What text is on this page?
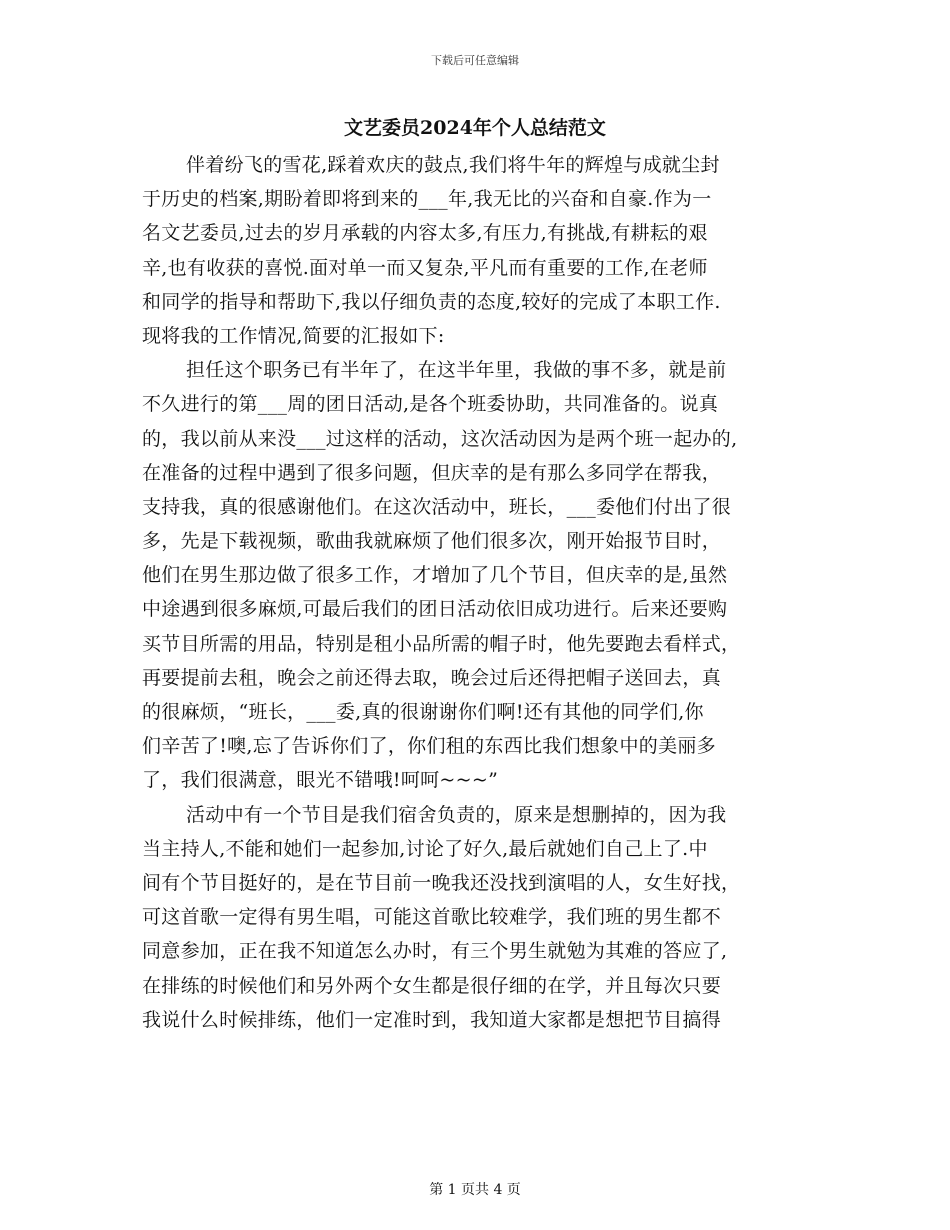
下载后可任意编辑
文艺委员2024年个人总结范文
伴着纷飞的雪花,踩着欢庆的鼓点,我们将牛年的辉煌与成就尘封
于历史的档案,期盼着即将到来的___年,我无比的兴奋和自豪.作为一
名文艺委员,过去的岁月承载的内容太多,有压力,有挑战,有耕耘的艰
辛,也有收获的喜悦.面对单一而又复杂,平凡而有重要的工作,在老师
和同学的指导和帮助下,我以仔细负责的态度,较好的完成了本职工作.
现将我的工作情况,简要的汇报如下:
担任这个职务已有半年了，在这半年里，我做的事不多，就是前
不久进行的第___周的团日活动,是各个班委协助，共同准备的。说真
的，我以前从来没___过这样的活动，这次活动因为是两个班一起办的,
在准备的过程中遇到了很多问题，但庆幸的是有那么多同学在帮我，
支持我，真的很感谢他们。在这次活动中，班长，___委他们付出了很
多，先是下载视频，歌曲我就麻烦了他们很多次，刚开始报节目时，
他们在男生那边做了很多工作，才增加了几个节目，但庆幸的是,虽然
中途遇到很多麻烦,可最后我们的团日活动依旧成功进行。后来还要购
买节目所需的用品，特别是租小品所需的帽子时，他先要跑去看样式，
再要提前去租，晚会之前还得去取，晚会过后还得把帽子送回去，真
的很麻烦，“班长，___委,真的很谢谢你们啊!还有其他的同学们,你
们辛苦了!噢,忘了告诉你们了，你们租的东西比我们想象中的美丽多
了，我们很满意，眼光不错哦!呵呵~~~”
活动中有一个节目是我们宿舍负责的，原来是想删掉的，因为我
当主持人,不能和她们一起参加,讨论了好久,最后就她们自己上了.中
间有个节目挺好的，是在节目前一晚我还没找到演唱的人，女生好找，
可这首歌一定得有男生唱，可能这首歌比较难学，我们班的男生都不
同意参加，正在我不知道怎么办时，有三个男生就勉为其难的答应了,
在排练的时候他们和另外两个女生都是很仔细的在学，并且每次只要
我说什么时候排练，他们一定准时到，我知道大家都是想把节目搞得
第 1 页共 4 页
